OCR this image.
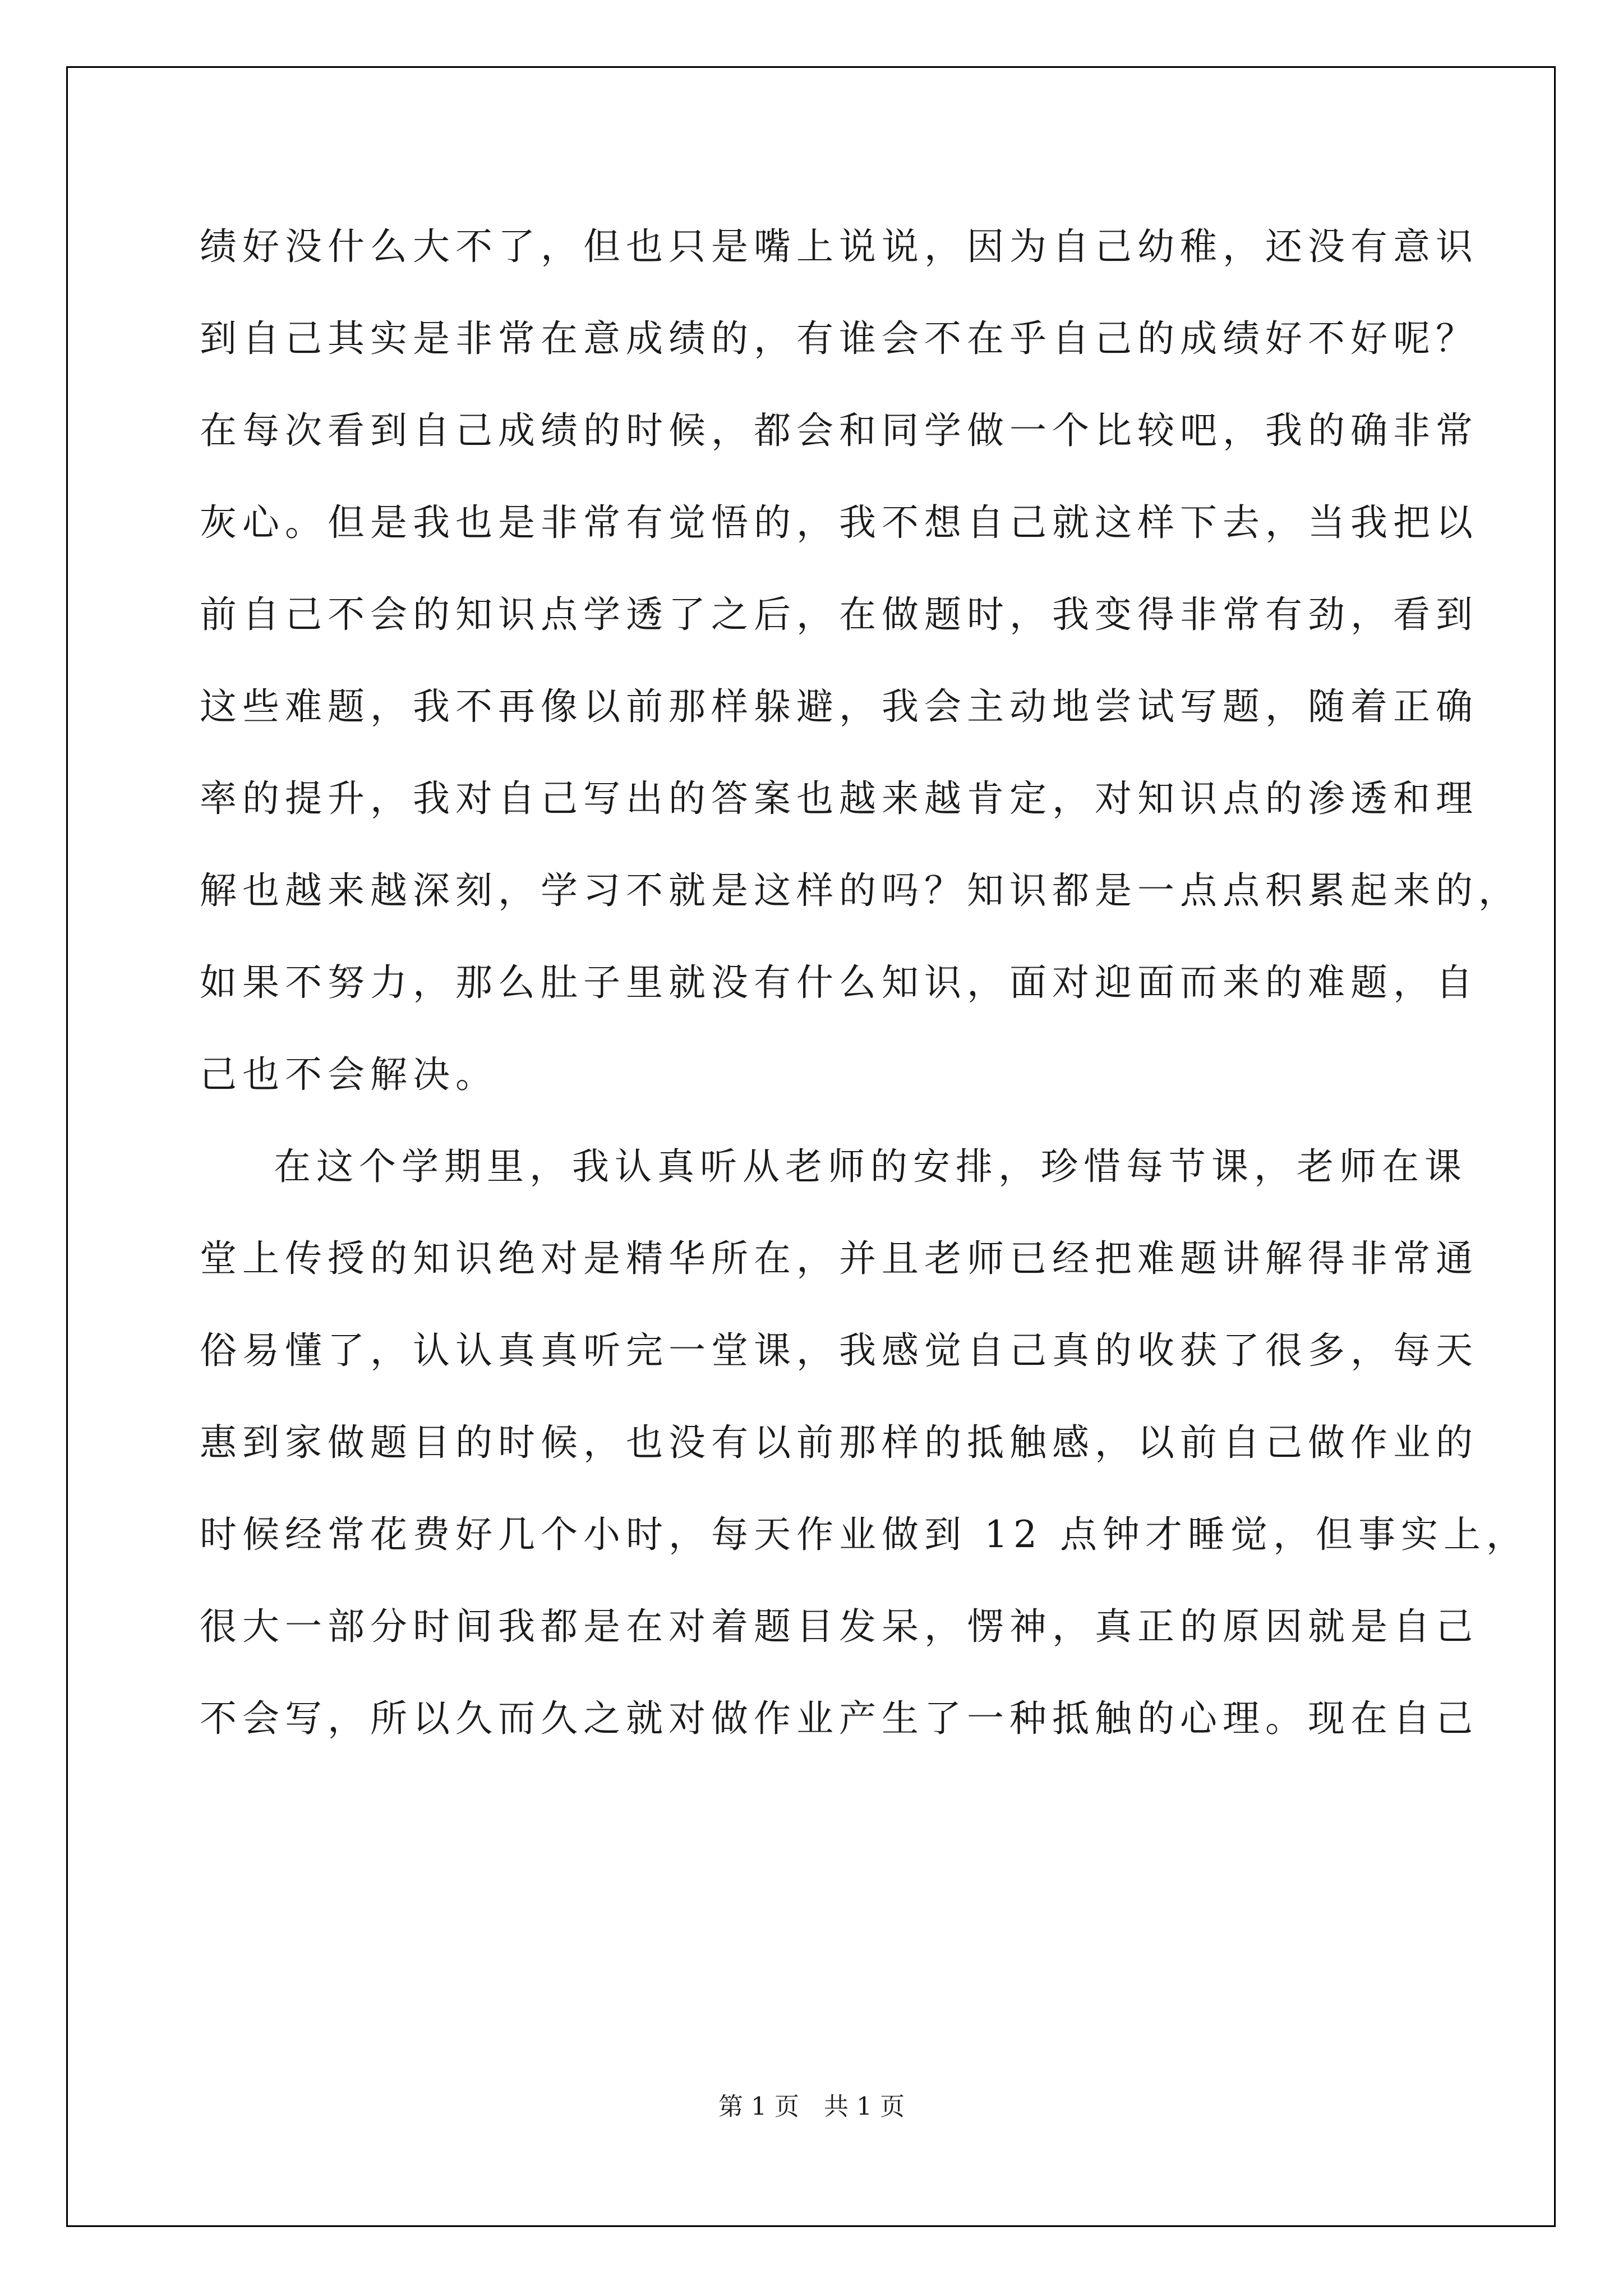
绩好没什么大不了，但也只是嘴上说说，因为自己幼稚，还没有意识
到自己其实是非常在意成绩的，有谁会不在乎自己的成绩好不好呢？
在每次看到自己成绩的时候，都会和同学做一个比较吧，我的确非常
灰心。但是我也是非常有觉悟的，我不想自己就这样下去，当我把以
前自己不会的知识点学透了之后，在做题时，我变得非常有劲，看到
这些难题，我不再像以前那样躲避，我会主动地尝试写题，随着正确
率的提升，我对自己写出的答案也越来越肯定，对知识点的渗透和理
解也越来越深刻，学习不就是这样的吗？知识都是一点点积累起来的，
如果不努力，那么肚子里就没有什么知识，面对迎面而来的难题，自
己也不会解决。
在这个学期里，我认真听从老师的安排，珍惜每节课，老师在课
堂上传授的知识绝对是精华所在，并且老师已经把难题讲解得非常通
俗易懂了，认认真真听完一堂课，我感觉自己真的收获了很多，每天
惠到家做题目的时候，也没有以前那样的抵触感，以前自己做作业的
时候经常花费好几个小时，每天作业做到 12 点钟才睡觉，但事实上，
很大一部分时间我都是在对着题目发呆，愣神，真正的原因就是自己
不会写，所以久而久之就对做作业产生了一种抵触的心理。现在自己
第 1 页　共 1 页
